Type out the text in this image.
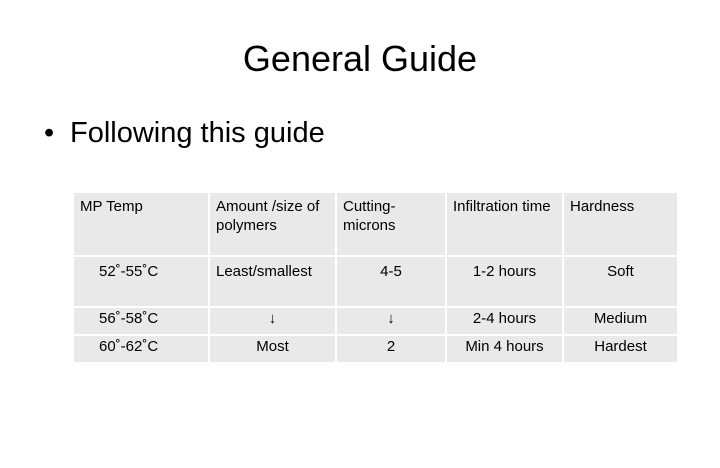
General Guide
• Following this guide
MP Temp	Amount /size of polymers	Cutting-microns	Infiltration time	Hardness
52˚-55˚C	Least/smallest	4-5	1-2 hours	Soft
56˚-58˚C	↓	↓	2-4 hours	Medium
60˚-62˚C	Most	2	Min 4 hours	Hardest
